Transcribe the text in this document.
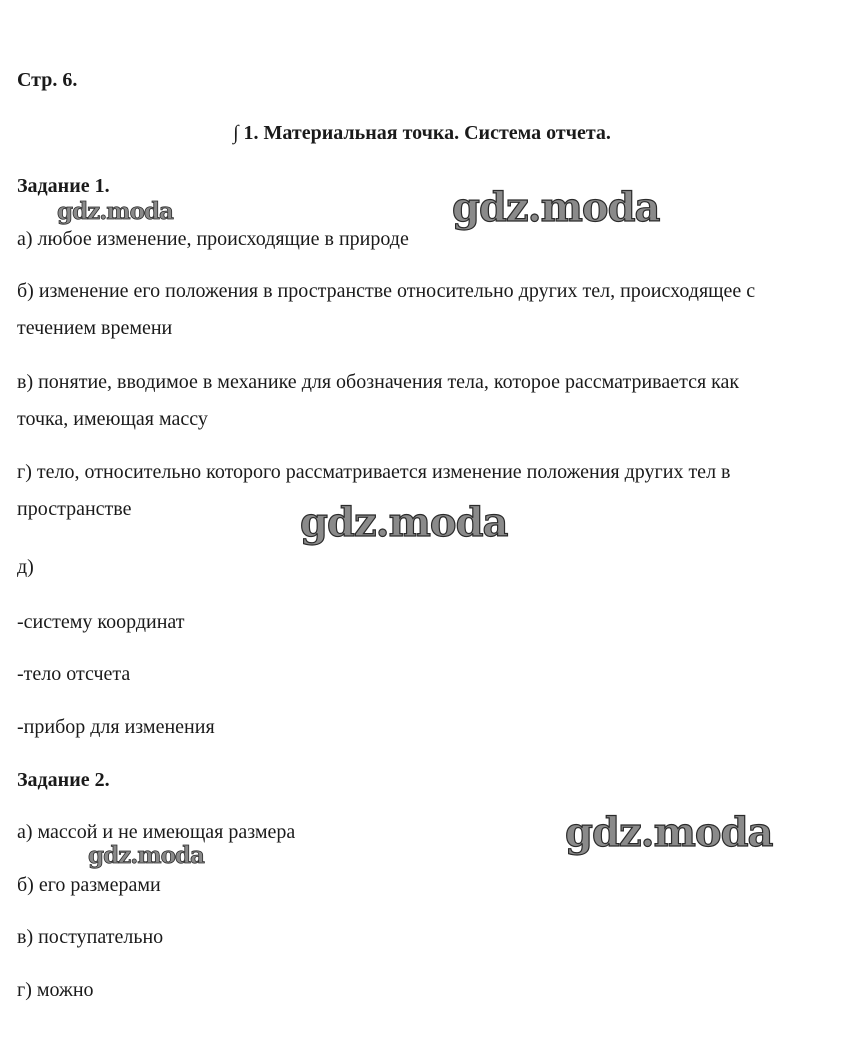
Стр. 6.
∫ 1. Материальная точка. Система отчета.
Задание 1.
а) любое изменение, происходящие в природе
б) изменение его положения в пространстве относительно других тел, происходящее с
течением времени
в) понятие, вводимое в механике для обозначения тела, которое рассматривается как
точка, имеющая массу
г) тело, относительно которого рассматривается изменение положения других тел в
пространстве
д)
-систему координат
-тело отсчета
-прибор для изменения
Задание 2.
а) массой и не имеющая размера
б) его размерами
в) поступательно
г) можно
gdz.moda	gdz.moda
gdz.moda
gdz.moda
gdz.moda
